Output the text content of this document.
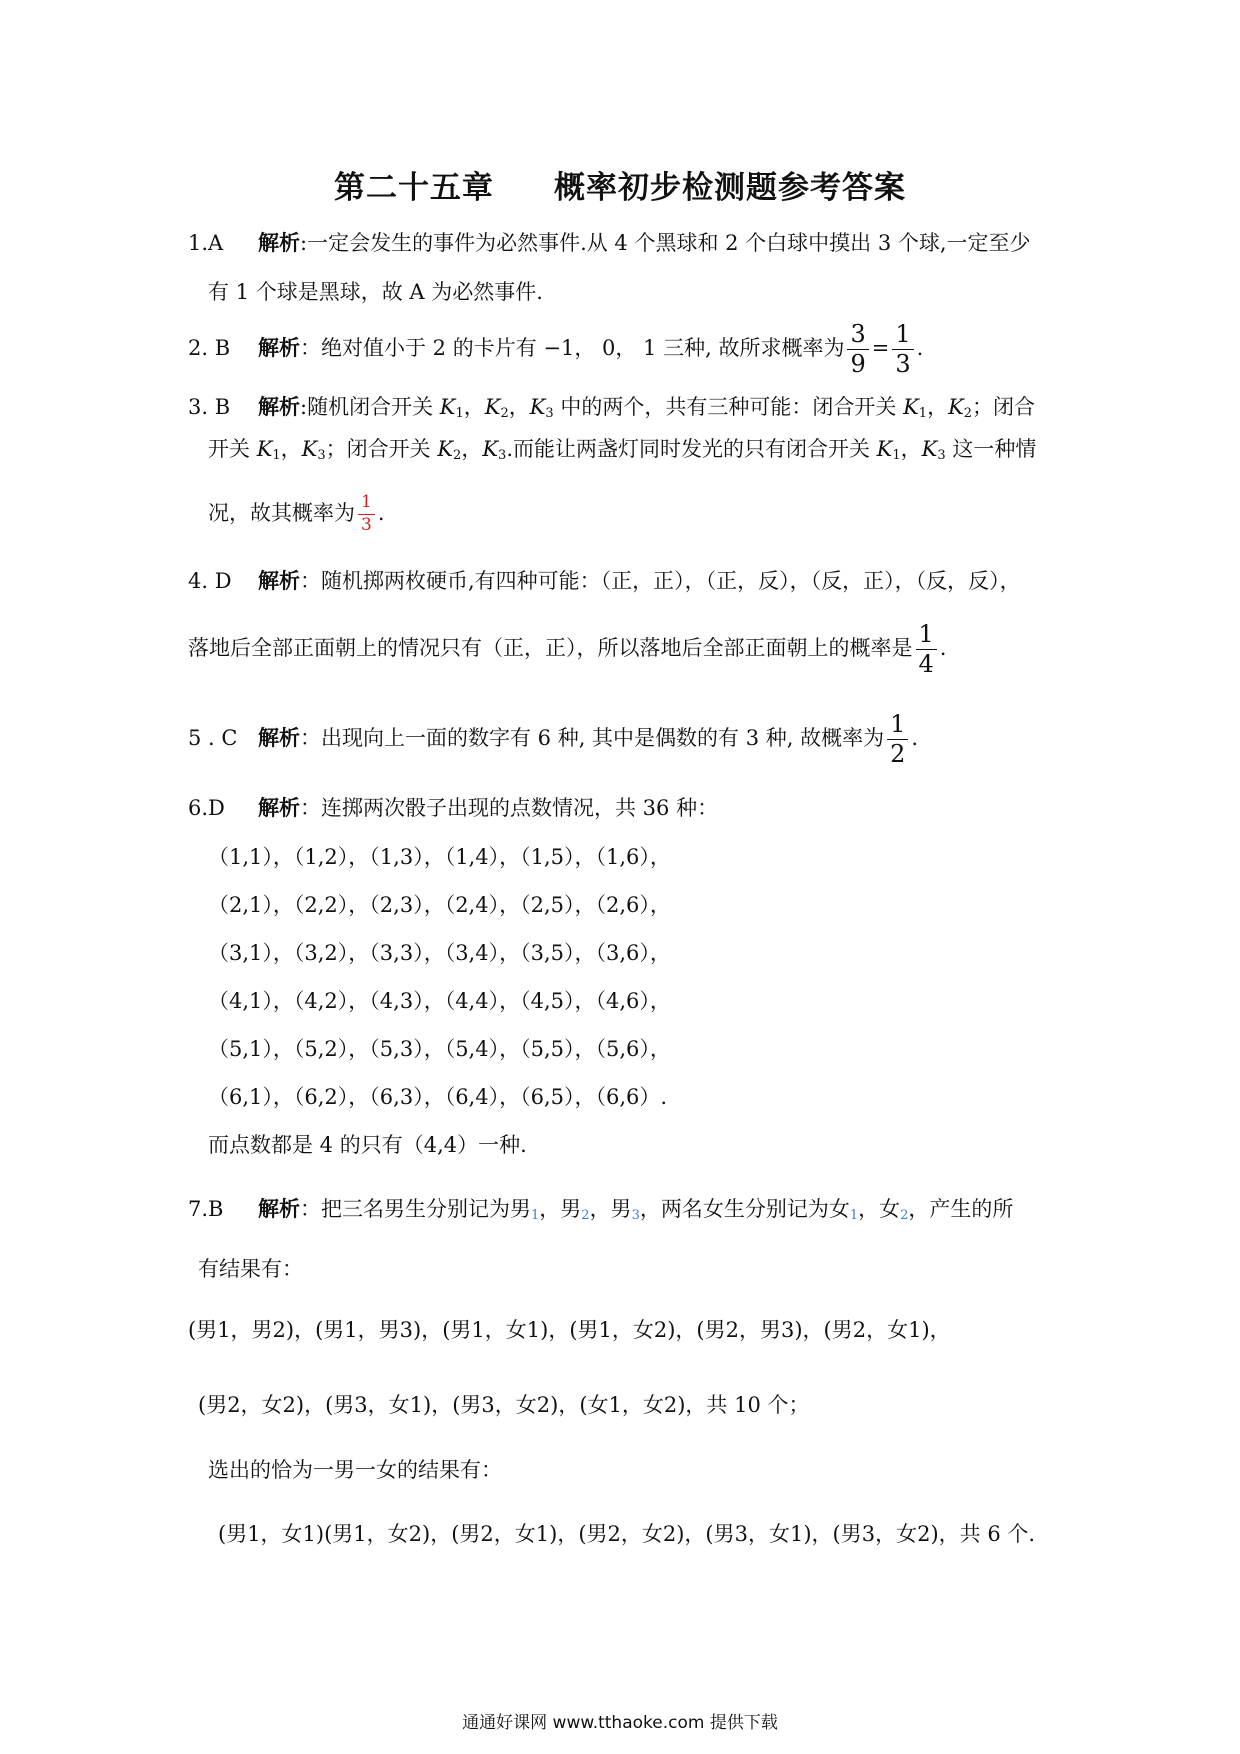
第二十五章 概率初步检测题参考答案
1.A 解析:一定会发生的事件为必然事件.从 4 个黑球和 2 个白球中摸出 3 个球,一定至少
有 1 个球是黑球，故 A 为必然事件.
2. B 解析：绝对值小于 2 的卡片有 −1， 0， 1 三种, 故所求概率为 $\frac{3}{9} = \frac{1}{3}$ .
3. B 解析:随机闭合开关 $K_1$，$K_2$，$K_3$ 中的两个，共有三种可能：闭合开关 $K_1$，$K_2$；闭合
开关 $K_1$，$K_3$；闭合开关 $K_2$，$K_3$.而能让两盏灯同时发光的只有闭合开关 $K_1$，$K_3$ 这一种情
况，故其概率为 $\frac{1}{3}$ .
4. D 解析：随机掷两枚硬币,有四种可能：（正，正），（正，反），（反，正），（反，反），
落地后全部正面朝上的情况只有（正，正），所以落地后全部正面朝上的概率是 $\frac{1}{4}$ .
5 . C 解析：出现向上一面的数字有 6 种, 其中是偶数的有 3 种, 故概率为 $\frac{1}{2}$ .
6.D 解析：连掷两次骰子出现的点数情况，共 36 种：
（1,1），（1,2），（1,3），（1,4），（1,5），（1,6），
（2,1），（2,2），（2,3），（2,4），（2,5），（2,6），
（3,1），（3,2），（3,3），（3,4），（3,5），（3,6），
（4,1），（4,2），（4,3），（4,4），（4,5），（4,6），
（5,1），（5,2），（5,3），（5,4），（5,5），（5,6），
（6,1），（6,2），（6,3），（6,4），（6,5），（6,6）.
而点数都是 4 的只有（4,4）一种.
7.B 解析：把三名男生分别记为男$_1$，男$_2$，男$_3$，两名女生分别记为女$_1$，女$_2$，产生的所
有结果有：
(男1，男2)，(男1，男3)，(男1，女1)，(男1，女2)，(男2，男3)，(男2，女1)，
(男2，女2)，(男3，女1)，(男3，女2)，(女1，女2)，共 10 个；
选出的恰为一男一女的结果有：
(男1，女1)(男1，女2)，(男2，女1)，(男2，女2)，(男3，女1)，(男3，女2)，共 6 个.
通通好课网 www.tthaoke.com 提供下载
